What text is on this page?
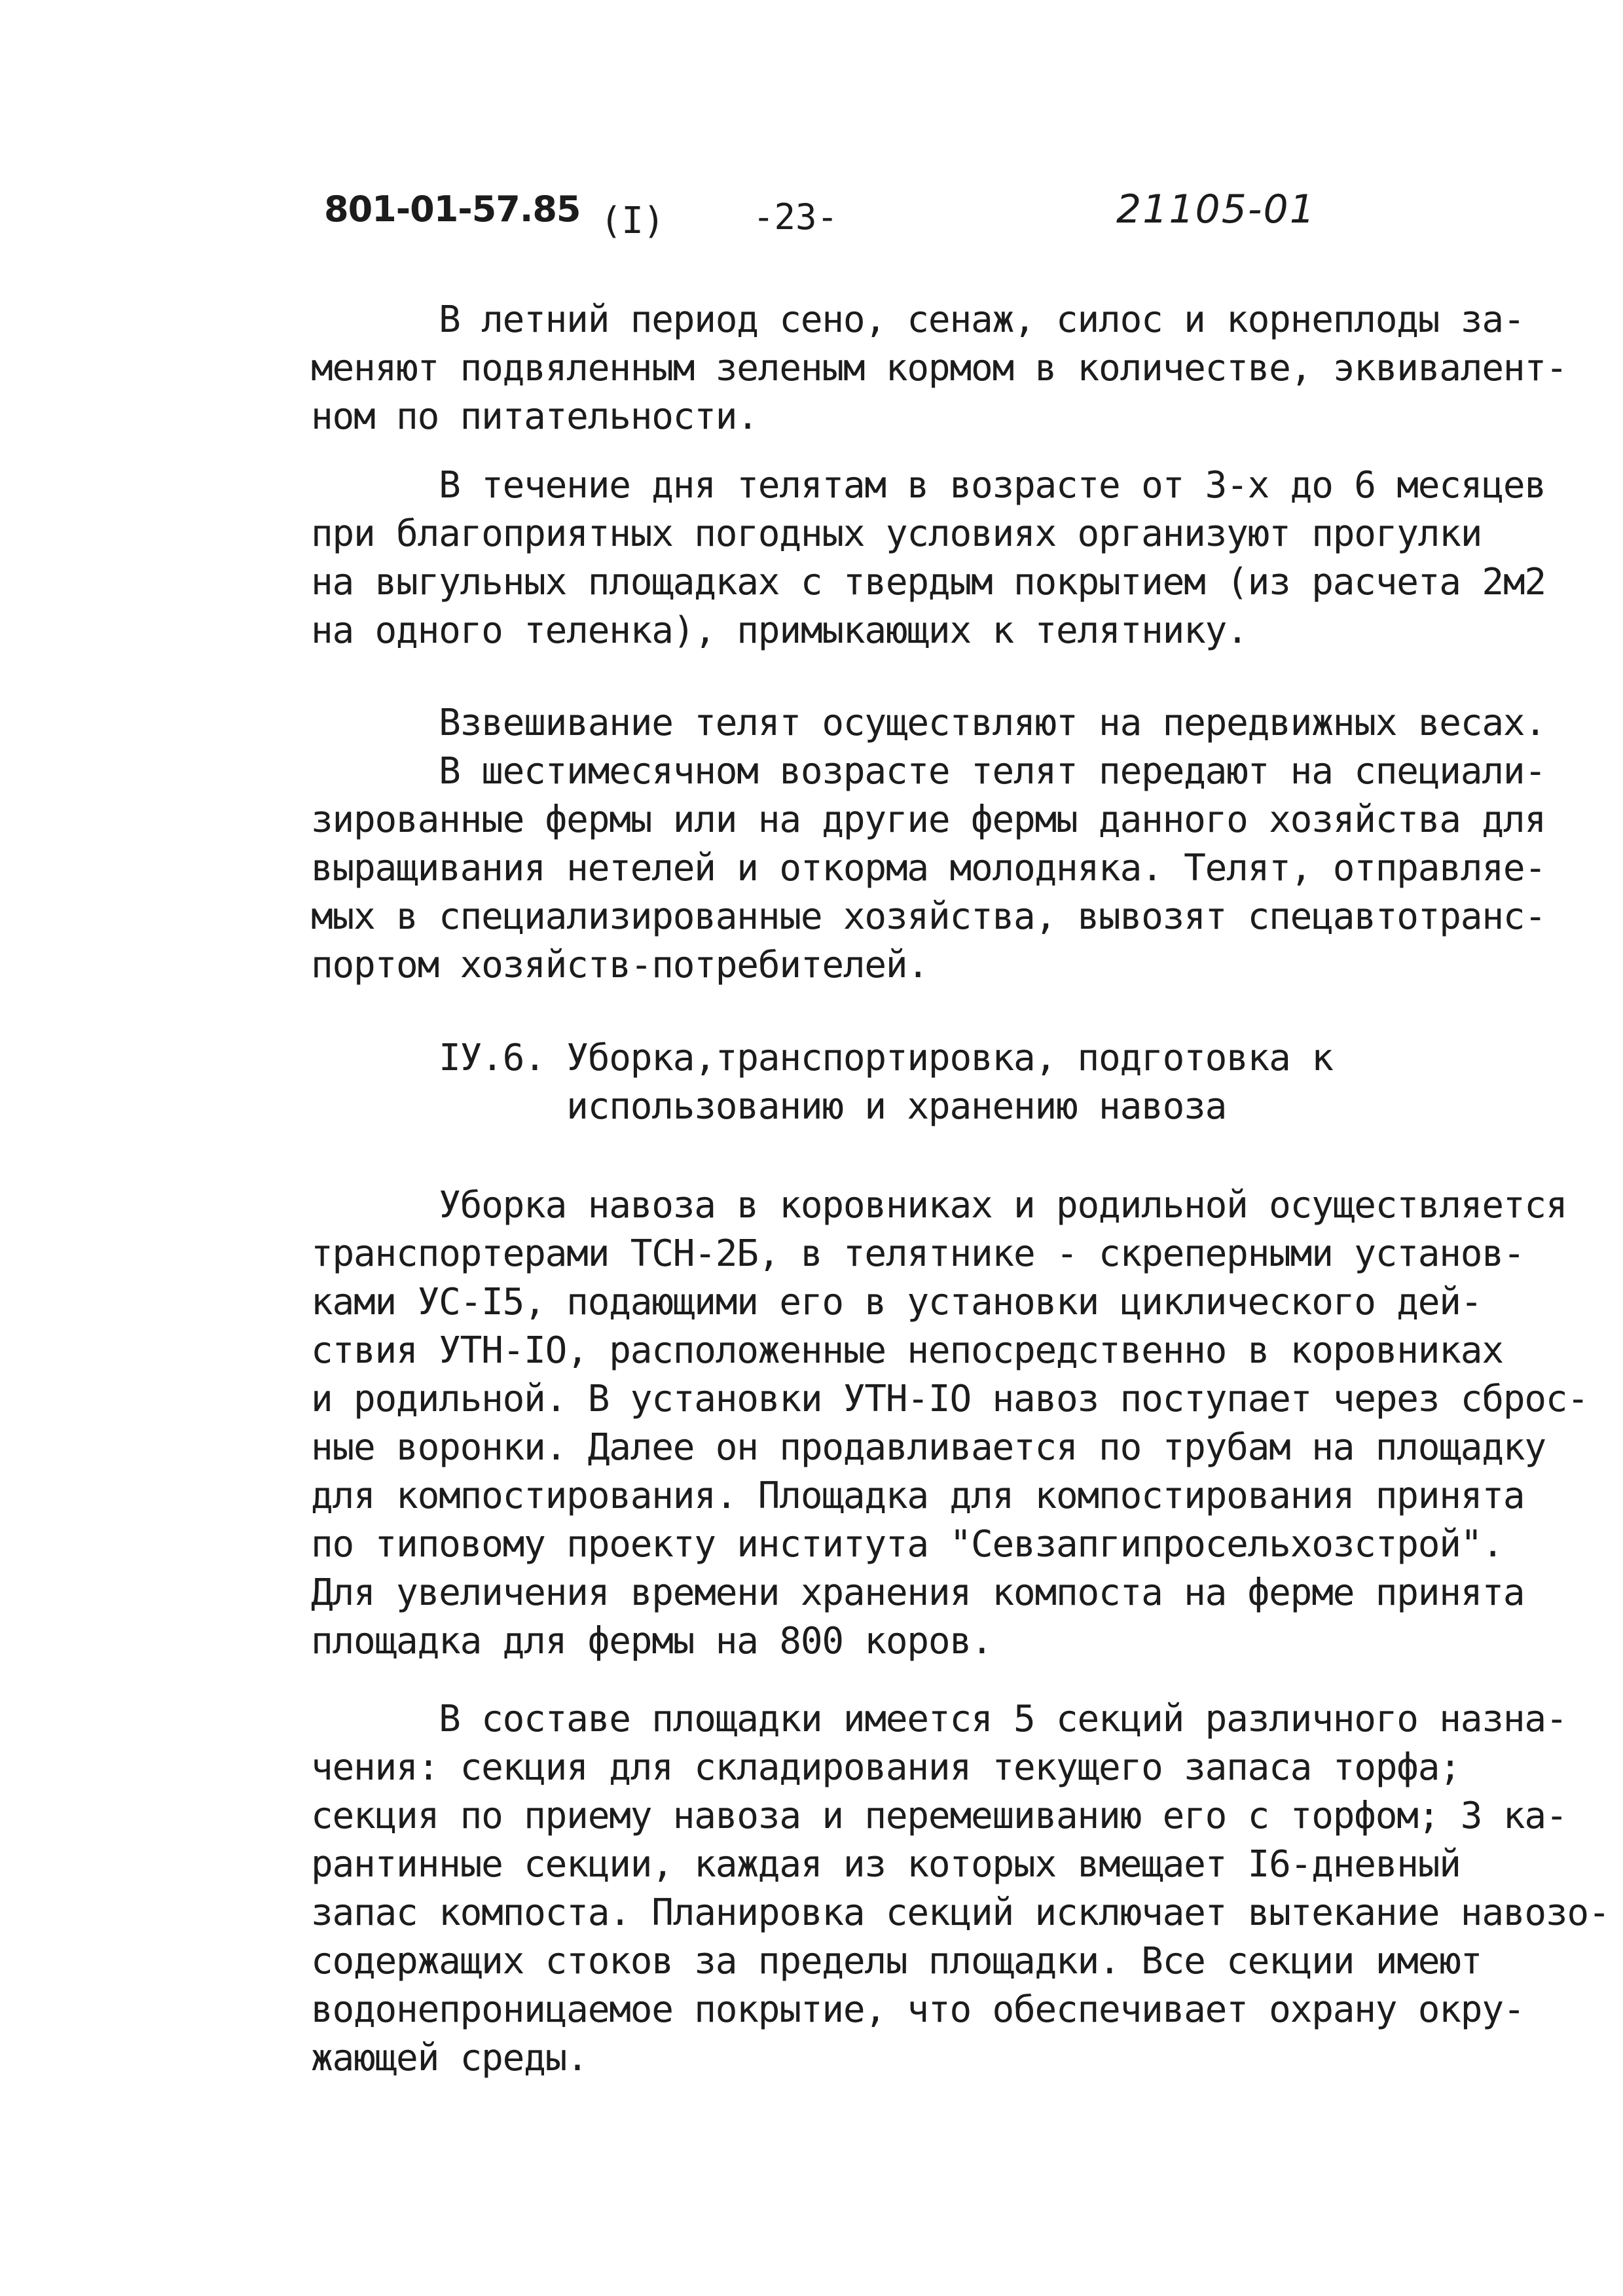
801-01-57.85 (I)	-23-	21105-01
В летний период сено, сенаж, силос и корнеплоды за-
меняют подвяленным зеленым кормом в количестве, эквивалент-
ном по питательности.
В течение дня телятам в возрасте от 3-х до 6 месяцев
при благоприятных погодных условиях организуют прогулки
на выгульных площадках с твердым покрытием (из расчета 2м2
на одного теленка), примыкающих к телятнику.
Взвешивание телят осуществляют на передвижных весах.
В шестимесячном возрасте телят передают на специали-
зированные фермы или на другие фермы данного хозяйства для
выращивания нетелей и откорма молодняка. Телят, отправляе-
мых в специализированные хозяйства, вывозят спецавтотранс-
портом хозяйств-потребителей.
IУ.6. Уборка,транспортировка, подготовка к
использованию и хранению навоза
Уборка навоза в коровниках и родильной осуществляется
транспортерами ТСН-2Б, в телятнике - скреперными установ-
ками УС-I5, подающими его в установки циклического дей-
ствия УТН-IO, расположенные непосредственно в коровниках
и родильной. В установки УТН-IO навоз поступает через сброс-
ные воронки. Далее он продавливается по трубам на площадку
для компостирования. Площадка для компостирования принята
по типовому проекту института "Севзапгипросельхозстрой".
Для увеличения времени хранения компоста на ферме принята
площадка для фермы на 800 коров.
В составе площадки имеется 5 секций различного назна-
чения: секция для складирования текущего запаса торфа;
секция по приему навоза и перемешиванию его с торфом; 3 ка-
рантинные секции, каждая из которых вмещает I6-дневный
запас компоста. Планировка секций исключает вытекание навозо-
содержащих стоков за пределы площадки. Все секции имеют
водонепроницаемое покрытие, что обеспечивает охрану окру-
жающей среды.
